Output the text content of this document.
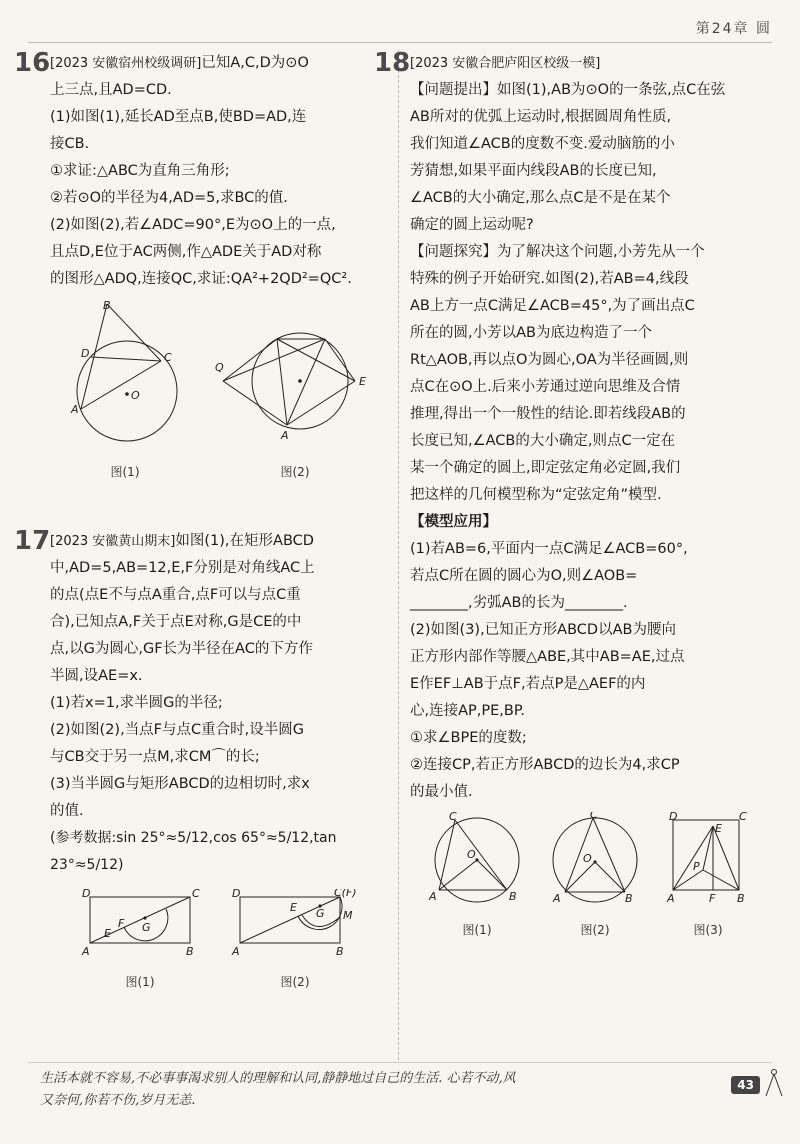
第24章 圆
16[2023 安徽宿州校级调研]已知A,C,D为⊙O
上三点,且AD=CD.
(1)如图(1),延长AD至点B,使BD=AD,连
接CB.
①求证:△ABC为直角三角形;
②若⊙O的半径为4,AD=5,求BC的值.
(2)如图(2),若∠ADC=90°,E为⊙O上的一点,
且点D,E位于AC两侧,作△ADE关于AD对称
的图形△ADQ,连接QC,求证:QA²+2QD²=QC².
B
D	C
A
O
图(1)
Q
E
A
图(2)
17[2023 安徽黄山期末]如图(1),在矩形ABCD
中,AD=5,AB=12,E,F分别是对角线AC上
的点(点E不与点A重合,点F可以与点C重
合),已知点A,F关于点E对称,G是CE的中
点,以G为圆心,GF长为半径在AC的下方作
半圆,设AE=x.
(1)若x=1,求半圆G的半径;
(2)如图(2),当点F与点C重合时,设半圆G
与CB交于另一点M,求CM⌒的长;
(3)当半圆G与矩形ABCD的边相切时,求x
的值.
(参考数据:sin 25°≈5/12,cos 65°≈5/12,tan 23°≈5/12)
D	C
A	B
E
F G
图(1)
D	C(F)
A	B
E G M
图(2)
18[2023 安徽合肥庐阳区校级一模]
【问题提出】如图(1),AB为⊙O的一条弦,点C在弦
AB所对的优弧上运动时,根据圆周角性质,
我们知道∠ACB的度数不变.爱动脑筋的小
芳猜想,如果平面内线段AB的长度已知,
∠ACB的大小确定,那么点C是不是在某个
确定的圆上运动呢?
【问题探究】为了解决这个问题,小芳先从一个
特殊的例子开始研究.如图(2),若AB=4,线段
AB上方一点C满足∠ACB=45°,为了画出点C
所在的圆,小芳以AB为底边构造了一个
Rt△AOB,再以点O为圆心,OA为半径画圆,则
点C在⊙O上.后来小芳通过逆向思维及合情
推理,得出一个一般性的结论.即若线段AB的
长度已知,∠ACB的大小确定,则点C一定在
某一个确定的圆上,即定弦定角必定圆,我们
把这样的几何模型称为“定弦定角”模型.
【模型应用】
(1)若AB=6,平面内一点C满足∠ACB=60°,
若点C所在圆的圆心为O,则∠AOB=
________,劣弧AB的长为________.
(2)如图(3),已知正方形ABCD以AB为腰向
正方形内部作等腰△ABE,其中AB=AE,过点
E作EF⊥AB于点F,若点P是△AEF的内
心,连接AP,PE,BP.
①求∠BPE的度数;
②连接CP,若正方形ABCD的边长为4,求CP
的最小值.
C
O
A	B
图(1)
C
O
A	B
图(2)
D	C
E
P
A	F B
图(3)
生活本就不容易,不必事事渴求别人的理解和认同,静静地过自己的生活. 心若不动,风
又奈何,你若不伤,岁月无恙.
43
